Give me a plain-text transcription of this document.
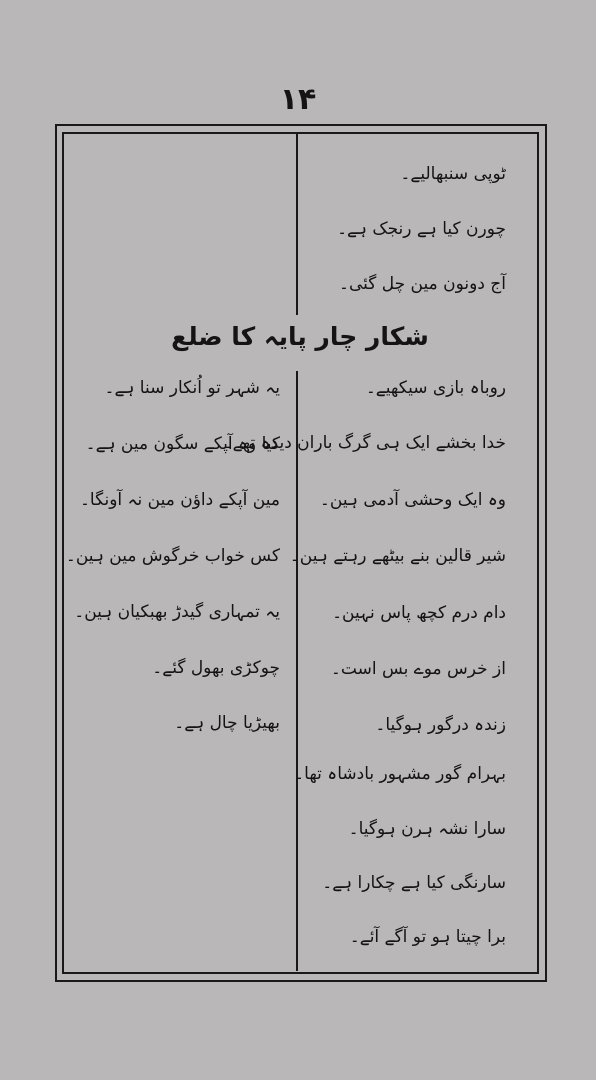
۱۴
ٹوپی سنبھالیے۔
چورن کیا ہے رنجک ہے۔
آج دونون مین چل گئی۔
شکار چار پایہ کا ضلع
روباہ بازی سیکھیے۔
خدا بخشے ایک ہی گرگ باران دیدہ تھے۔
وہ ایک وحشی آدمی ہین۔
شیر قالین بنے بیٹھے رہتے ہین۔
دام درم کچھ پاس نہین۔
از خرس موے بس است۔
زندہ درگور ہوگیا۔
بہرام گور مشہور بادشاہ تھا۔
سارا نشہ ہرن ہوگیا۔
سارنگی کیا ہے چکارا ہے۔
برا چیتا ہو تو آگے آئے۔
یہ شہر تو اُنکار سنا ہے۔
کیا وہ آپکے سگون مین ہے۔
مین آپکے داؤن مین نہ آونگا۔
کس خواب خرگوش مین ہین۔
یہ تمہاری گیدڑ بھبکیان ہین۔
چوکڑی بھول گئے۔
بھیڑیا چال ہے۔
